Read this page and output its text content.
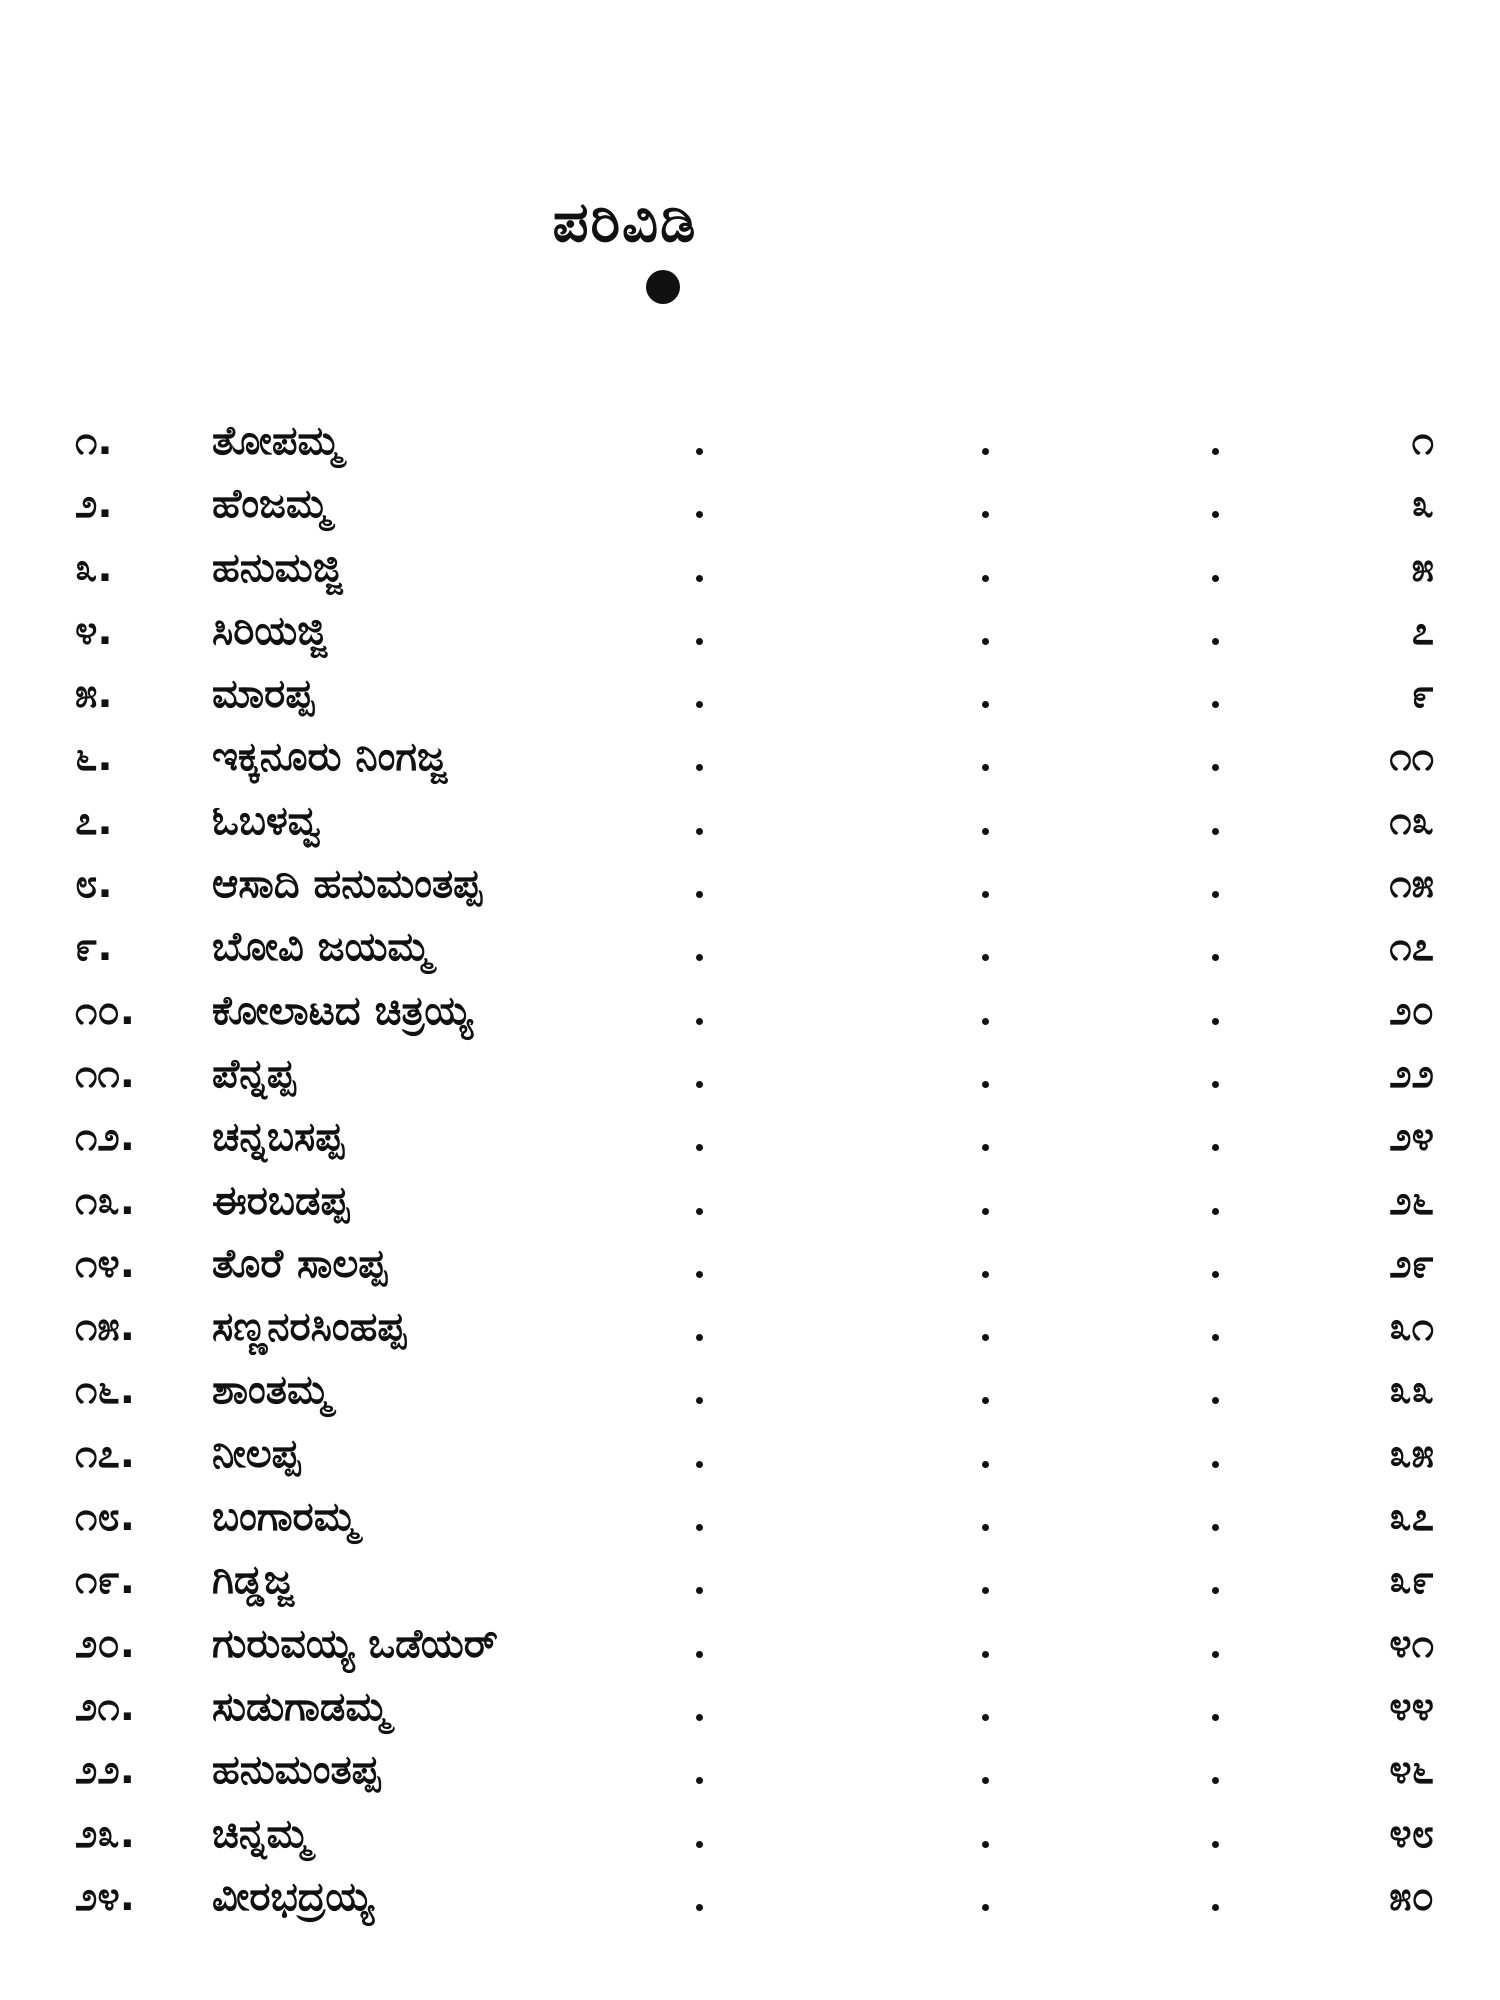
ಪರಿವಿಡಿ
೧.	ತೋಪಮ್ಮ	೧
೨.	ಹೆಂಜಮ್ಮ	೩
೩.	ಹನುಮಜ್ಜಿ	೫
೪.	ಸಿರಿಯಜ್ಜಿ	೭
೫.	ಮಾರಪ್ಪ	೯
೬.	ಇಕ್ಕನೂರು ನಿಂಗಜ್ಜ	೧೧
೭.	ಓಬಳವ್ವ	೧೩
೮.	ಆಸಾದಿ ಹನುಮಂತಪ್ಪ	೧೫
೯.	ಬೋವಿ ಜಯಮ್ಮ	೧೭
೧೦.	ಕೋಲಾಟದ ಚಿತ್ರಯ್ಯ	೨೦
೧೧.	ಪೆನ್ನಪ್ಪ	೨೨
೧೨.	ಚನ್ನಬಸಪ್ಪ	೨೪
೧೩.	ಈರಬಡಪ್ಪ	೨೬
೧೪.	ತೊರೆ ಸಾಲಪ್ಪ	೨೯
೧೫.	ಸಣ್ಣನರಸಿಂಹಪ್ಪ	೩೧
೧೬.	ಶಾಂತಮ್ಮ	೩೩
೧೭.	ನೀಲಪ್ಪ	೩೫
೧೮.	ಬಂಗಾರಮ್ಮ	೩೭
೧೯.	ಗಿಡ್ಡಜ್ಜ	೩೯
೨೦.	ಗುರುವಯ್ಯ ಒಡೆಯರ್	೪೧
೨೧.	ಸುಡುಗಾಡಮ್ಮ	೪೪
೨೨.	ಹನುಮಂತಪ್ಪ	೪೬
೨೩.	ಚಿನ್ನಮ್ಮ	೪೮
೨೪.	ವೀರಭದ್ರಯ್ಯ	೫೦
